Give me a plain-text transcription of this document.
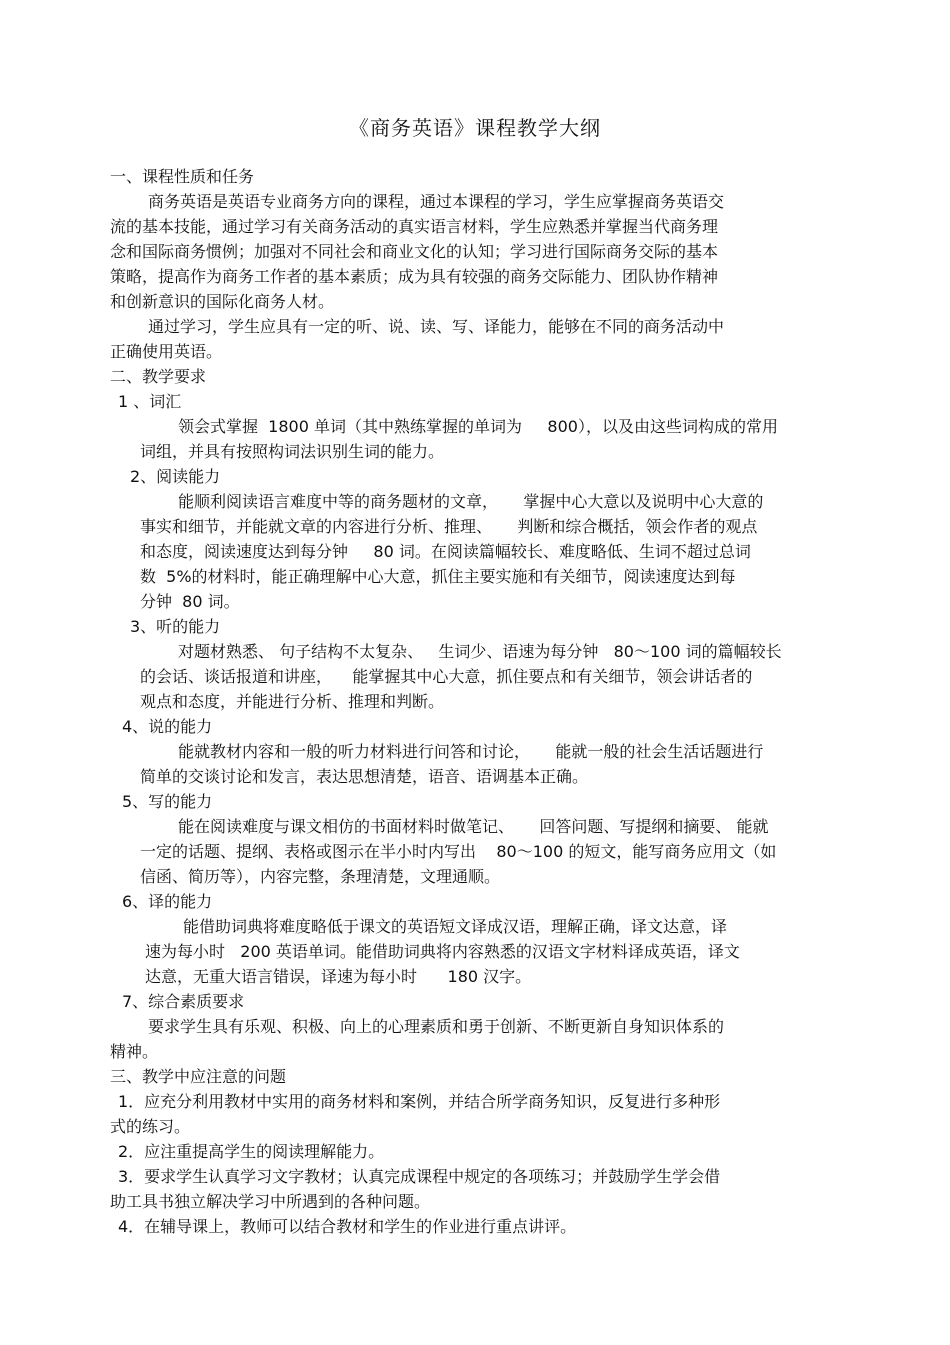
《商务英语》课程教学大纲
一、课程性质和任务
商务英语是英语专业商务方向的课程，通过本课程的学习，学生应掌握商务英语交
流的基本技能，通过学习有关商务活动的真实语言材料，学生应熟悉并掌握当代商务理
念和国际商务惯例；加强对不同社会和商业文化的认知；学习进行国际商务交际的基本
策略，提高作为商务工作者的基本素质；成为具有较强的商务交际能力、团队协作精神
和创新意识的国际化商务人材。
通过学习，学生应具有一定的听、说、读、写、译能力，能够在不同的商务活动中
正确使用英语。
二、教学要求
1 、词汇
领会式掌握  1800 单词（其中熟练掌握的单词为     800），以及由这些词构成的常用
词组，并具有按照构词法识别生词的能力。
2、阅读能力
能顺利阅读语言难度中等的商务题材的文章，     掌握中心大意以及说明中心大意的
事实和细节，并能就文章的内容进行分析、推理、     判断和综合概括，领会作者的观点
和态度，阅读速度达到每分钟     80 词。在阅读篇幅较长、难度略低、生词不超过总词
数  5%的材料时，能正确理解中心大意，抓住主要实施和有关细节，阅读速度达到每
分钟  80 词。
3、听的能力
对题材熟悉、 句子结构不太复杂、   生词少、语速为每分钟   80～100 词的篇幅较长
的会话、谈话报道和讲座，    能掌握其中心大意，抓住要点和有关细节，领会讲话者的
观点和态度，并能进行分析、推理和判断。
4、说的能力
能就教材内容和一般的听力材料进行问答和讨论，     能就一般的社会生活话题进行
简单的交谈讨论和发言，表达思想清楚，语音、语调基本正确。
5、写的能力
能在阅读难度与课文相仿的书面材料时做笔记、     回答问题、写提纲和摘要、 能就
一定的话题、提纲、表格或图示在半小时内写出    80～100 的短文，能写商务应用文（如
信函、简历等），内容完整，条理清楚，文理通顺。
6、译的能力
能借助词典将难度略低于课文的英语短文译成汉语，理解正确，译文达意，译
速为每小时   200 英语单词。能借助词典将内容熟悉的汉语文字材料译成英语，译文
达意，无重大语言错误，译速为每小时      180 汉字。
7、综合素质要求
要求学生具有乐观、积极、向上的心理素质和勇于创新、不断更新自身知识体系的
精神。
三、教学中应注意的问题
1．应充分利用教材中实用的商务材料和案例，并结合所学商务知识，反复进行多种形
式的练习。
2．应注重提高学生的阅读理解能力。
3．要求学生认真学习文字教材；认真完成课程中规定的各项练习；并鼓励学生学会借
助工具书独立解决学习中所遇到的各种问题。
4．在辅导课上，教师可以结合教材和学生的作业进行重点讲评。
